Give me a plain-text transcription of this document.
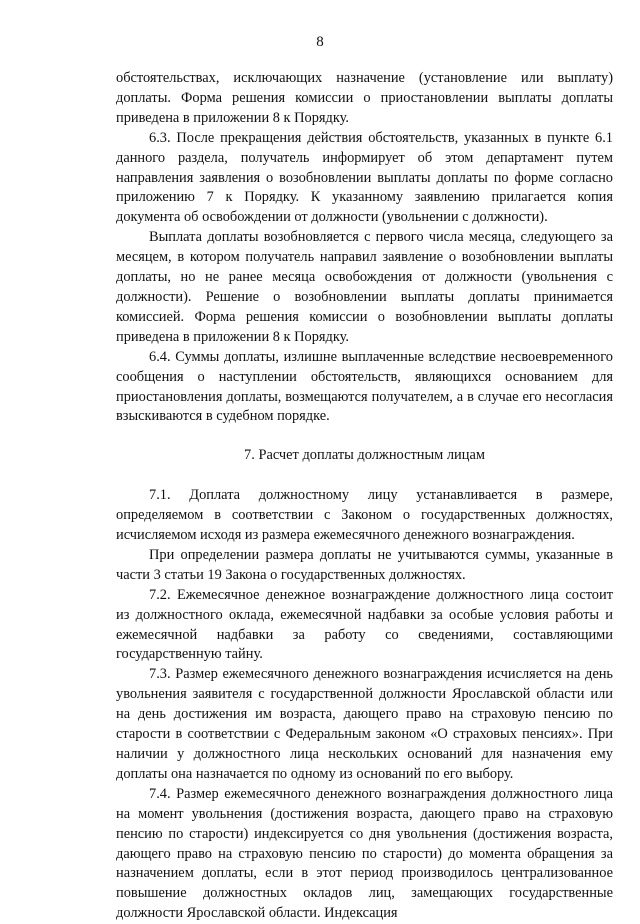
8

обстоятельствах, исключающих назначение (установление или выплату) доплаты. Форма решения комиссии о приостановлении выплаты доплаты приведена в приложении 8 к Порядку.

6.3. После прекращения действия обстоятельств, указанных в пункте 6.1 данного раздела, получатель информирует об этом департамент путем направления заявления о возобновлении выплаты доплаты по форме согласно приложению 7 к Порядку. К указанному заявлению прилагается копия документа об освобождении от должности (увольнении с должности).

Выплата доплаты возобновляется с первого числа месяца, следующего за месяцем, в котором получатель направил заявление о возобновлении выплаты доплаты, но не ранее месяца освобождения от должности (увольнения с должности). Решение о возобновлении выплаты доплаты принимается комиссией. Форма решения комиссии о возобновлении выплаты доплаты приведена в приложении 8 к Порядку.

6.4. Суммы доплаты, излишне выплаченные вследствие несвоевременного сообщения о наступлении обстоятельств, являющихся основанием для приостановления доплаты, возмещаются получателем, а в случае его несогласия взыскиваются в судебном порядке.

7. Расчет доплаты должностным лицам

7.1. Доплата должностному лицу устанавливается в размере, определяемом в соответствии с Законом о государственных должностях, исчисляемом исходя из размера ежемесячного денежного вознаграждения.

При определении размера доплаты не учитываются суммы, указанные в части 3 статьи 19 Закона о государственных должностях.

7.2. Ежемесячное денежное вознаграждение должностного лица состоит из должностного оклада, ежемесячной надбавки за особые условия работы и ежемесячной надбавки за работу со сведениями, составляющими государственную тайну.

7.3. Размер ежемесячного денежного вознаграждения исчисляется на день увольнения заявителя с государственной должности Ярославской области или на день достижения им возраста, дающего право на страховую пенсию по старости в соответствии с Федеральным законом «О страховых пенсиях». При наличии у должностного лица нескольких оснований для назначения ему доплаты она назначается по одному из оснований по его выбору.

7.4. Размер ежемесячного денежного вознаграждения должностного лица на момент увольнения (достижения возраста, дающего право на страховую пенсию по старости) индексируется со дня увольнения (достижения возраста, дающего право на страховую пенсию по старости) до момента обращения за назначением доплаты, если в этот период производилось централизованное повышение должностных окладов лиц, замещающих государственные должности Ярославской области. Индексация
